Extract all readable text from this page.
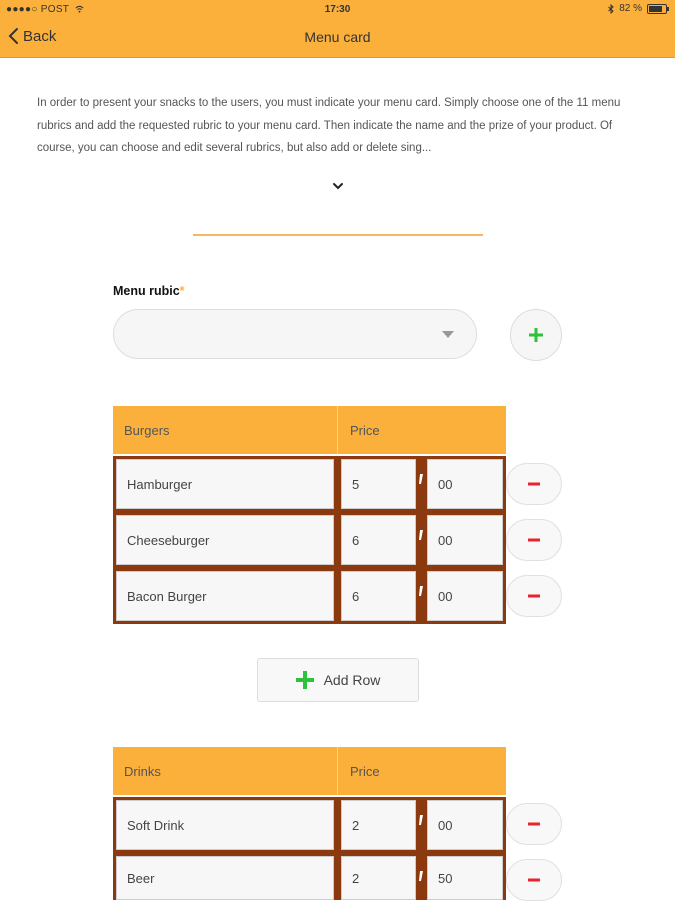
●●●●○ POST	17:30	82 %
Back	Menu card
In order to present your snacks to the users, you must indicate your menu card. Simply choose one of the 11 menu rubrics and add the requested rubric to your menu card. Then indicate the name and the prize of your product. Of course, you can choose and edit several rubrics, but also add or delete sing...
Menu rubic*
Burgers	Price
Hamburger	5	00
Cheeseburger	6	00
Bacon Burger	6	00
Add Row
Drinks	Price
Soft Drink	2	00
Beer	2	50
